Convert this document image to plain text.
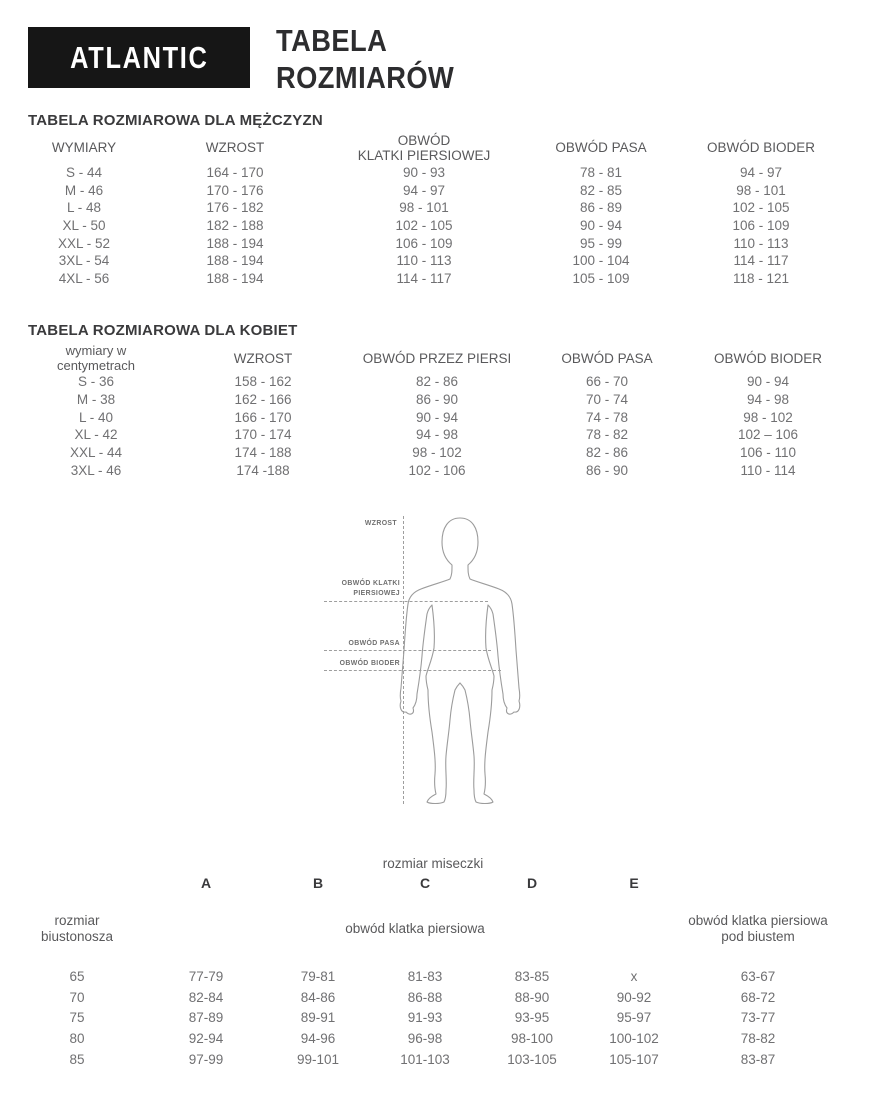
ATLANTIC TABELA
ROZMIARÓW
TABELA ROZMIAROWA DLA MĘŻCZYZN
WYMIARY	WZROST	OBWÓD
KLATKI PIERSIOWEJ	OBWÓD PASA	OBWÓD BIODER
S - 44	164 - 170	90 - 93	78 - 81	94 - 97
M - 46	170 - 176	94 - 97	82 - 85	98 - 101
L - 48	176 - 182	98 - 101	86 - 89	102 - 105
XL - 50	182 - 188	102 - 105	90 - 94	106 - 109
XXL - 52	188 - 194	106 - 109	95 - 99	110 - 113
3XL - 54	188 - 194	110 - 113	100 - 104	114 - 117
4XL - 56	188 - 194	114 - 117	105 - 109	118 - 121
TABELA ROZMIAROWA DLA KOBIET
wymiary w
centymetrach	WZROST	OBWÓD PRZEZ PIERSI	OBWÓD PASA	OBWÓD BIODER
S - 36	158 - 162	82 - 86	66 - 70	90 - 94
M - 38	162 - 166	86 - 90	70 - 74	94 - 98
L - 40	166 - 170	90 - 94	74 - 78	98 - 102
XL - 42	170 - 174	94 - 98	78 - 82	102 – 106
XXL - 44	174 - 188	98 - 102	82 - 86	106 - 110
3XL - 46	174 -188	102 - 106	86 - 90	110 - 114
WZROST
OBWÓD KLATKI
PIERSIOWEJ
OBWÓD PASA
OBWÓD BIODER
rozmiar miseczki
A	B	C	D	E
rozmiar
biustonosza
obwód klatka piersiowa
obwód klatka piersiowa
pod biustem
65	77-79	79-81	81-83	83-85	x	63-67
70	82-84	84-86	86-88	88-90	90-92	68-72
75	87-89	89-91	91-93	93-95	95-97	73-77
80	92-94	94-96	96-98	98-100	100-102	78-82
85	97-99	99-101	101-103	103-105	105-107	83-87
